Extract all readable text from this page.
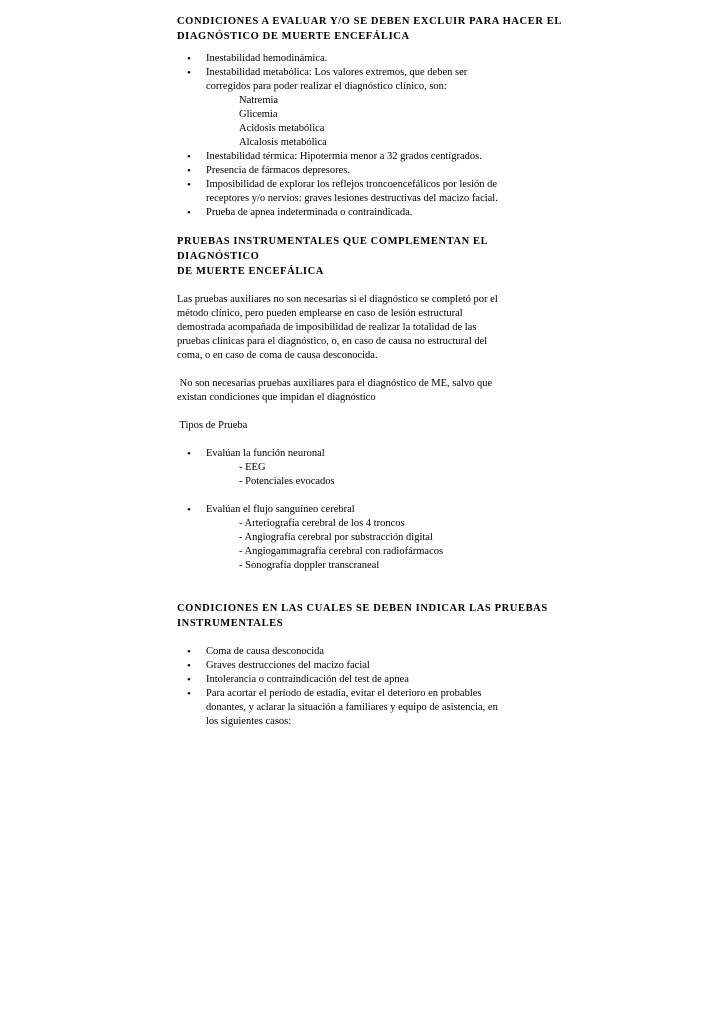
CONDICIONES A EVALUAR Y/O SE DEBEN EXCLUIR PARA HACER EL

DIAGNÓSTICO DE MUERTE ENCEFÁLICA

• Inestabilidad hemodinámica.
• Inestabilidad metabólica: Los valores extremos, que deben ser
corregidos para poder realizar el diagnóstico clínico, son:

Natremia

Glicemia

Acidosis metabólica

Alcalosis metabólica

• Inestabilidad térmica: Hipotermia menor a 32 grados centígrados.
• Presencia de fármacos depresores.
• Imposibilidad de explorar los reflejos troncoencefálicos por lesión de
receptores y/o nervios: graves lesiones destructivas del macizo facial.
• Prueba de apnea indeterminada o contraindicada.

PRUEBAS INSTRUMENTALES QUE COMPLEMENTAN EL DIAGNÓSTICO

DE MUERTE ENCEFÁLICA

Las pruebas auxiliares no son necesarias si el diagnóstico se completó por el

método clínico, pero pueden emplearse en caso de lesión estructural

demostrada acompañada de imposibilidad de realizar la totalidad de las

pruebas clínicas para el diagnóstico, o, en caso de causa no estructural del

coma, o en caso de coma de causa desconocida.

No son necesarias pruebas auxiliares para el diagnóstico de ME, salvo que

existan condiciones que impidan el diagnóstico

Tipos de Prueba

• Evalúan la función neuronal

- EEG

- Potenciales evocados

• Evalúan el flujo sanguíneo cerebral

- Arteriografía cerebral de los 4 troncos

- Angiografía cerebral por substracción digital

- Angiogammagrafía cerebral con radiofármacos

- Sonografía doppler transcraneal

CONDICIONES EN LAS CUALES SE DEBEN INDICAR LAS PRUEBAS

INSTRUMENTALES

• Coma de causa desconocida
• Graves destrucciones del macizo facial
• Intolerancia o contraindicación del test de apnea
• Para acortar el período de estadía, evitar el deterioro en probables
donantes, y aclarar la situación a familiares y equipo de asistencia, en
los siguientes casos:
